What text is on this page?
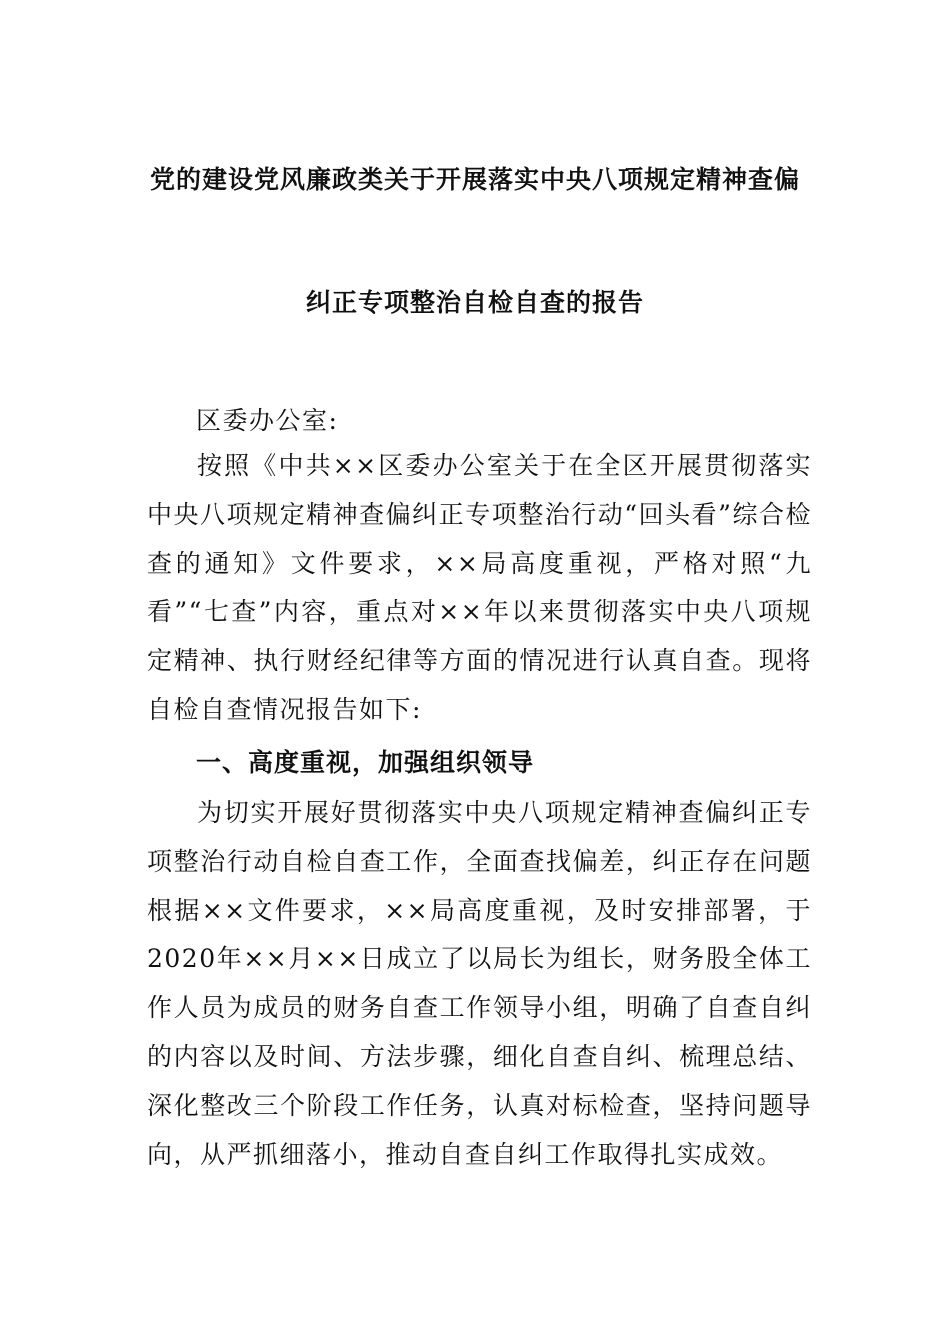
党的建设党风廉政类关于开展落实中央八项规定精神查偏
纠正专项整治自检自查的报告
区委办公室:
按照《中共××区委办公室关于在全区开展贯彻落实中央八项规定精神查偏纠正专项整治行动“回头看”综合检查的通知》文件要求，××局高度重视，严格对照“九看”“七查”内容，重点对××年以来贯彻落实中央八项规定精神、执行财经纪律等方面的情况进行认真自查。现将自检自查情况报告如下:
一、高度重视，加强组织领导
为切实开展好贯彻落实中央八项规定精神查偏纠正专项整治行动自检自查工作，全面查找偏差，纠正存在问题根据××文件要求，××局高度重视，及时安排部署，于2020年××月××日成立了以局长为组长，财务股全体工作人员为成员的财务自查工作领导小组，明确了自查自纠的内容以及时间、方法步骤，细化自查自纠、梳理总结、深化整改三个阶段工作任务，认真对标检查，坚持问题导向，从严抓细落小，推动自查自纠工作取得扎实成效。
